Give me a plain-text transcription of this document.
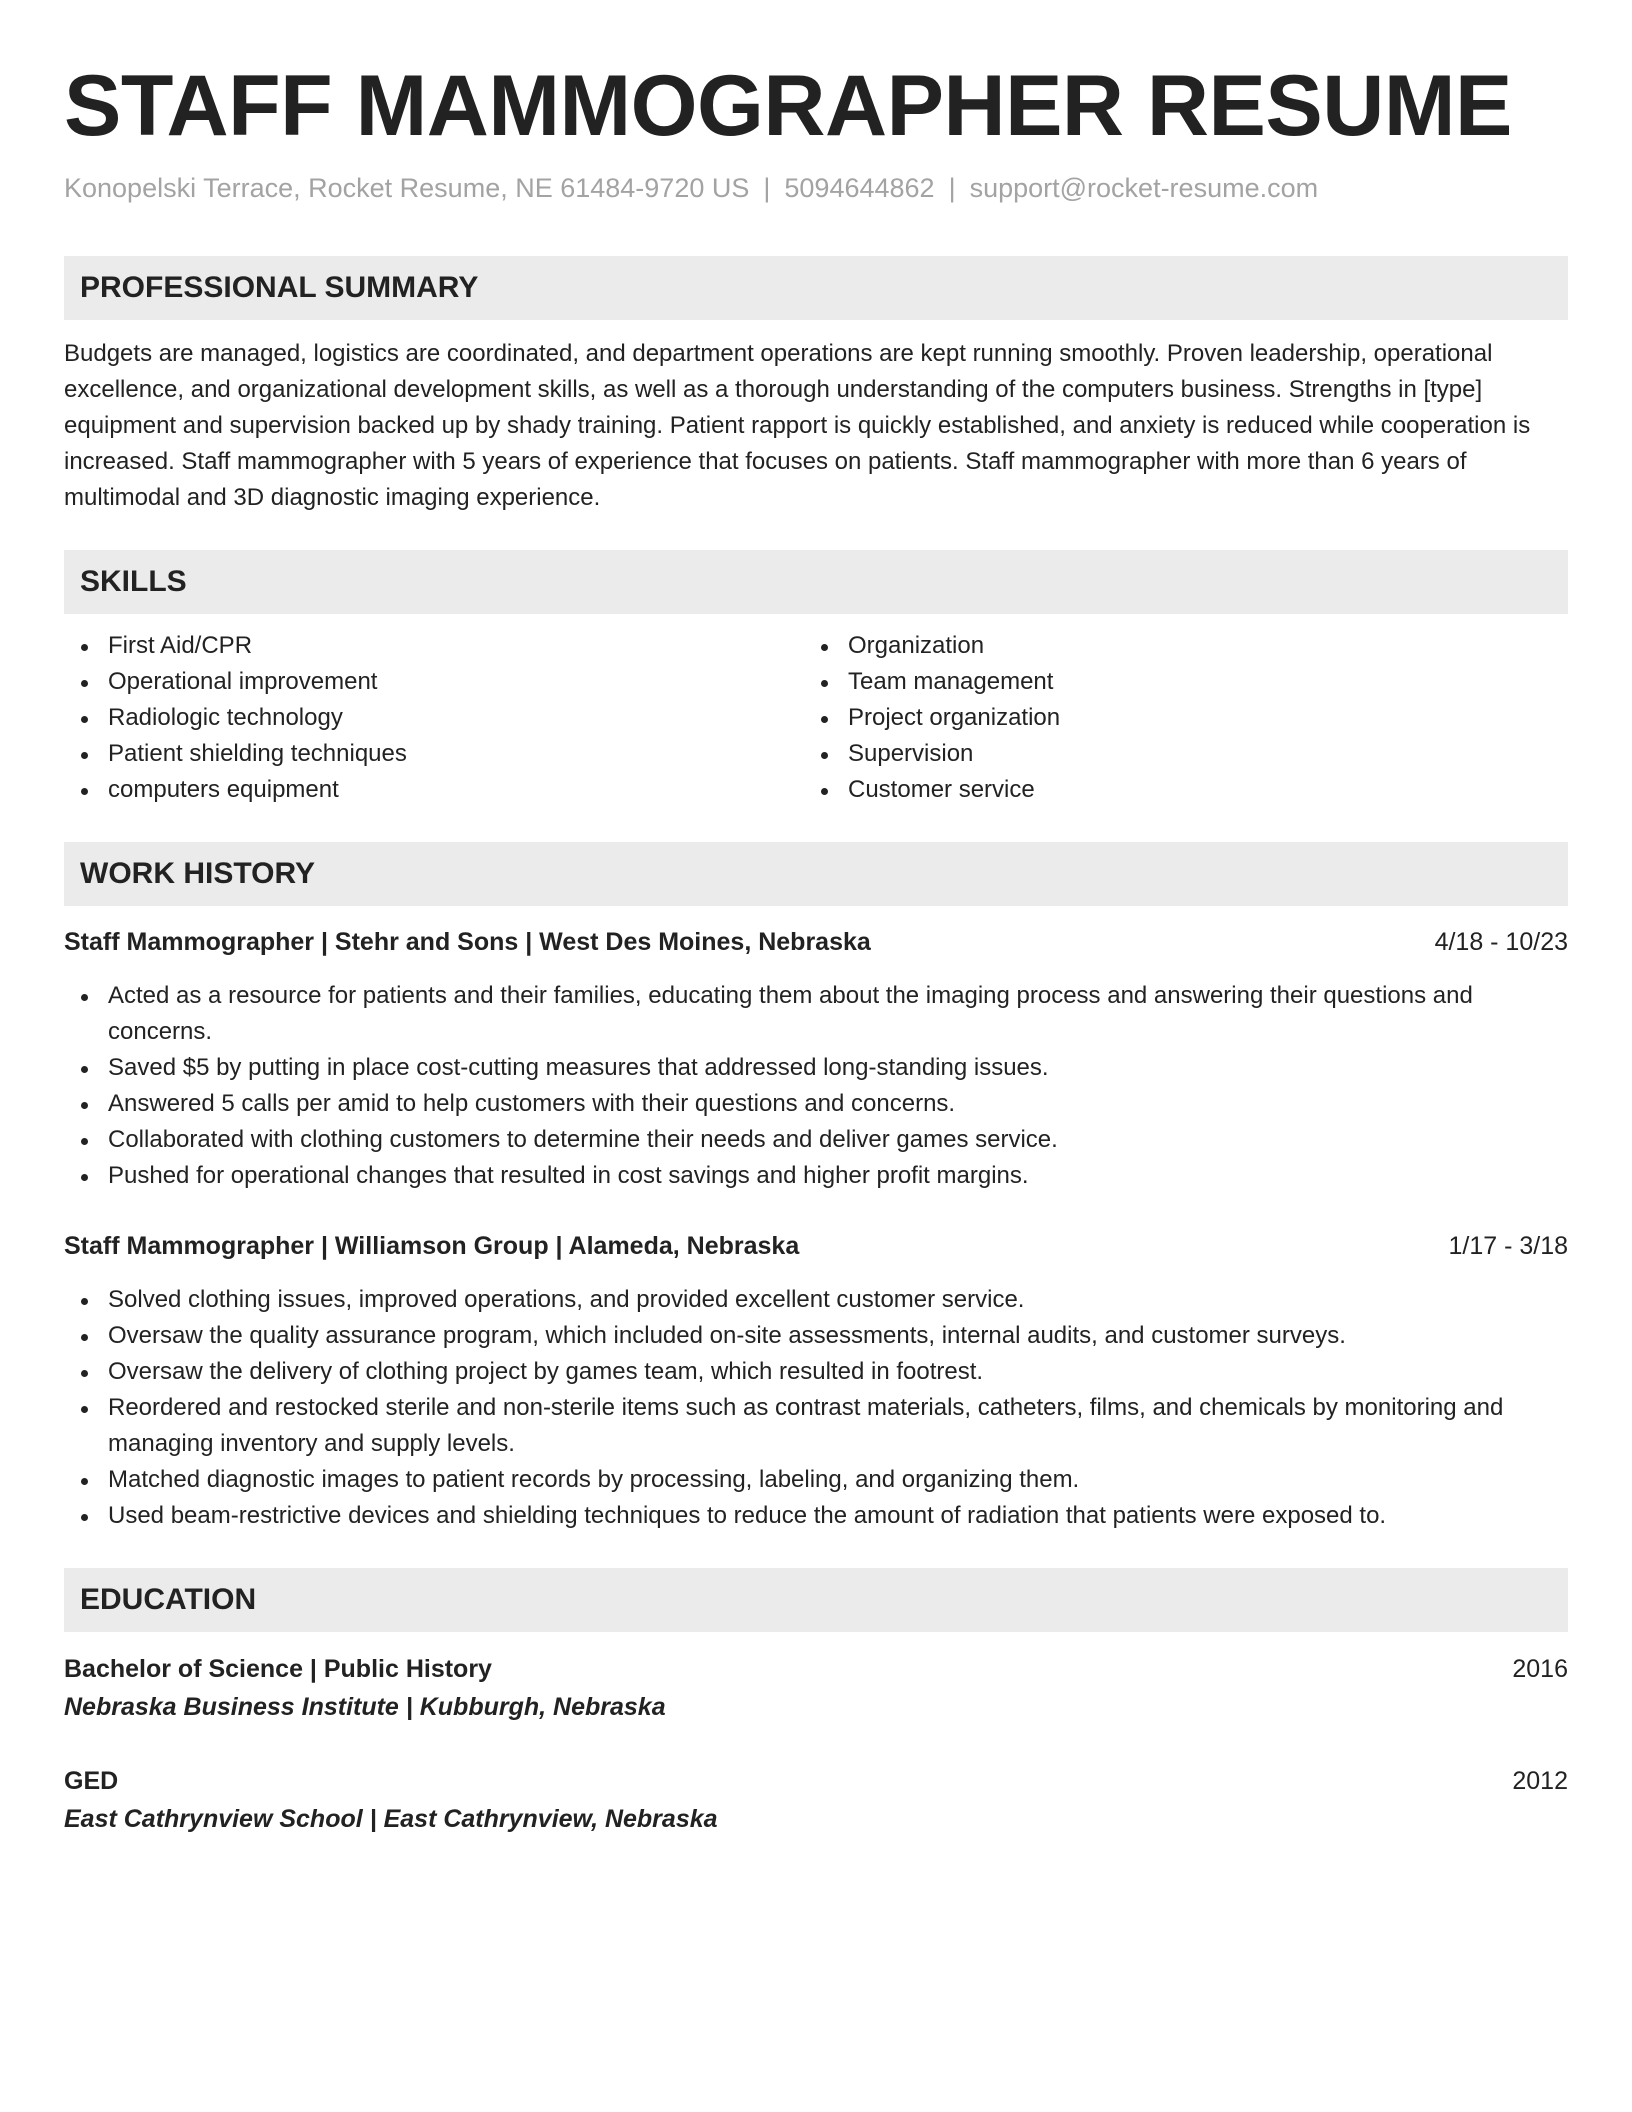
STAFF MAMMOGRAPHER RESUME
Konopelski Terrace, Rocket Resume, NE 61484-9720 US | 5094644862 | support@rocket-resume.com
PROFESSIONAL SUMMARY
Budgets are managed, logistics are coordinated, and department operations are kept running smoothly. Proven leadership, operational excellence, and organizational development skills, as well as a thorough understanding of the computers business. Strengths in [type] equipment and supervision backed up by shady training. Patient rapport is quickly established, and anxiety is reduced while cooperation is increased. Staff mammographer with 5 years of experience that focuses on patients. Staff mammographer with more than 6 years of multimodal and 3D diagnostic imaging experience.
SKILLS
First Aid/CPR
Operational improvement
Radiologic technology
Patient shielding techniques
computers equipment
Organization
Team management
Project organization
Supervision
Customer service
WORK HISTORY
Staff Mammographer | Stehr and Sons | West Des Moines, Nebraska	4/18 - 10/23
Acted as a resource for patients and their families, educating them about the imaging process and answering their questions and concerns.
Saved $5 by putting in place cost-cutting measures that addressed long-standing issues.
Answered 5 calls per amid to help customers with their questions and concerns.
Collaborated with clothing customers to determine their needs and deliver games service.
Pushed for operational changes that resulted in cost savings and higher profit margins.
Staff Mammographer | Williamson Group | Alameda, Nebraska	1/17 - 3/18
Solved clothing issues, improved operations, and provided excellent customer service.
Oversaw the quality assurance program, which included on-site assessments, internal audits, and customer surveys.
Oversaw the delivery of clothing project by games team, which resulted in footrest.
Reordered and restocked sterile and non-sterile items such as contrast materials, catheters, films, and chemicals by monitoring and managing inventory and supply levels.
Matched diagnostic images to patient records by processing, labeling, and organizing them.
Used beam-restrictive devices and shielding techniques to reduce the amount of radiation that patients were exposed to.
EDUCATION
Bachelor of Science | Public History	2016
Nebraska Business Institute | Kubburgh, Nebraska
GED	2012
East Cathrynview School | East Cathrynview, Nebraska
